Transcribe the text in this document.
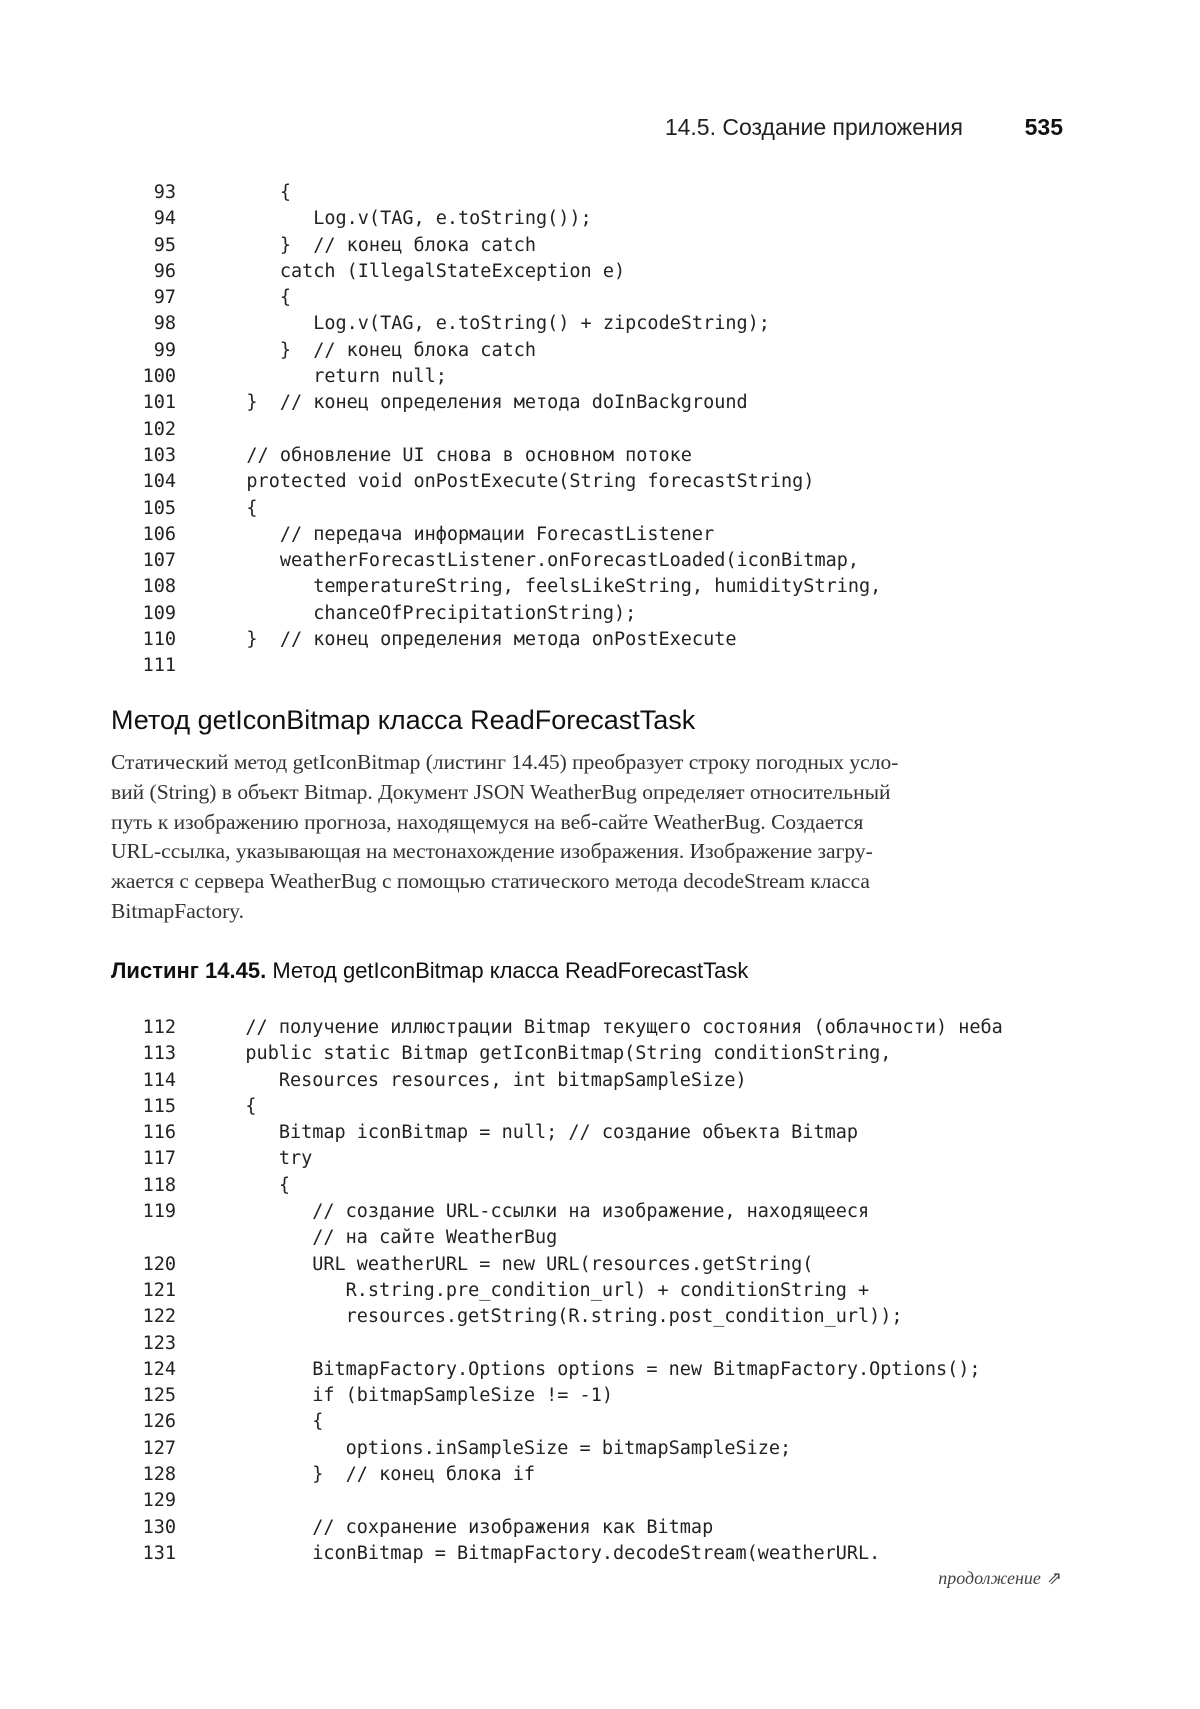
14.5. Создание приложения	535
93 {
94 Log.v(TAG, e.toString());
95 }  // конец блока catch
96 catch (IllegalStateException e)
97 {
98 Log.v(TAG, e.toString() + zipcodeString);
99 }  // конец блока catch
100 return null;
101 }  // конец определения метода doInBackground
102
103 // обновление UI снова в основном потоке
104 protected void onPostExecute(String forecastString)
105 {
106 // передача информации ForecastListener
107 weatherForecastListener.onForecastLoaded(iconBitmap,
108 temperatureString, feelsLikeString, humidityString,
109 chanceOfPrecipitationString);
110 }  // конец определения метода onPostExecute
111
Метод getIconBitmap класса ReadForecastTask
Статический метод getIconBitmap (листинг 14.45) преобразует строку погодных усло-
вий (String) в объект Bitmap. Документ JSON WeatherBug определяет относительный
путь к изображению прогноза, находящемуся на веб-сайте WeatherBug. Создается
URL-ссылка, указывающая на местонахождение изображения. Изображение загру-
жается с сервера WeatherBug с помощью статического метода decodeStream класса
BitmapFactory.
Листинг 14.45. Метод getIconBitmap класса ReadForecastTask
112 // получение иллюстрации Bitmap текущего состояния (облачности) неба
113 public static Bitmap getIconBitmap(String conditionString,
114 Resources resources, int bitmapSampleSize)
115 {
116 Bitmap iconBitmap = null; // создание объекта Bitmap
117 try
118 {
119 // создание URL-ссылки на изображение, находящееся
// на сайте WeatherBug
120 URL weatherURL = new URL(resources.getString(
121 R.string.pre_condition_url) + conditionString +
122 resources.getString(R.string.post_condition_url));
123
124 BitmapFactory.Options options = new BitmapFactory.Options();
125 if (bitmapSampleSize != -1)
126 {
127 options.inSampleSize = bitmapSampleSize;
128 }  // конец блока if
129
130 // сохранение изображения как Bitmap
131 iconBitmap = BitmapFactory.decodeStream(weatherURL.
продолжение ⇗
